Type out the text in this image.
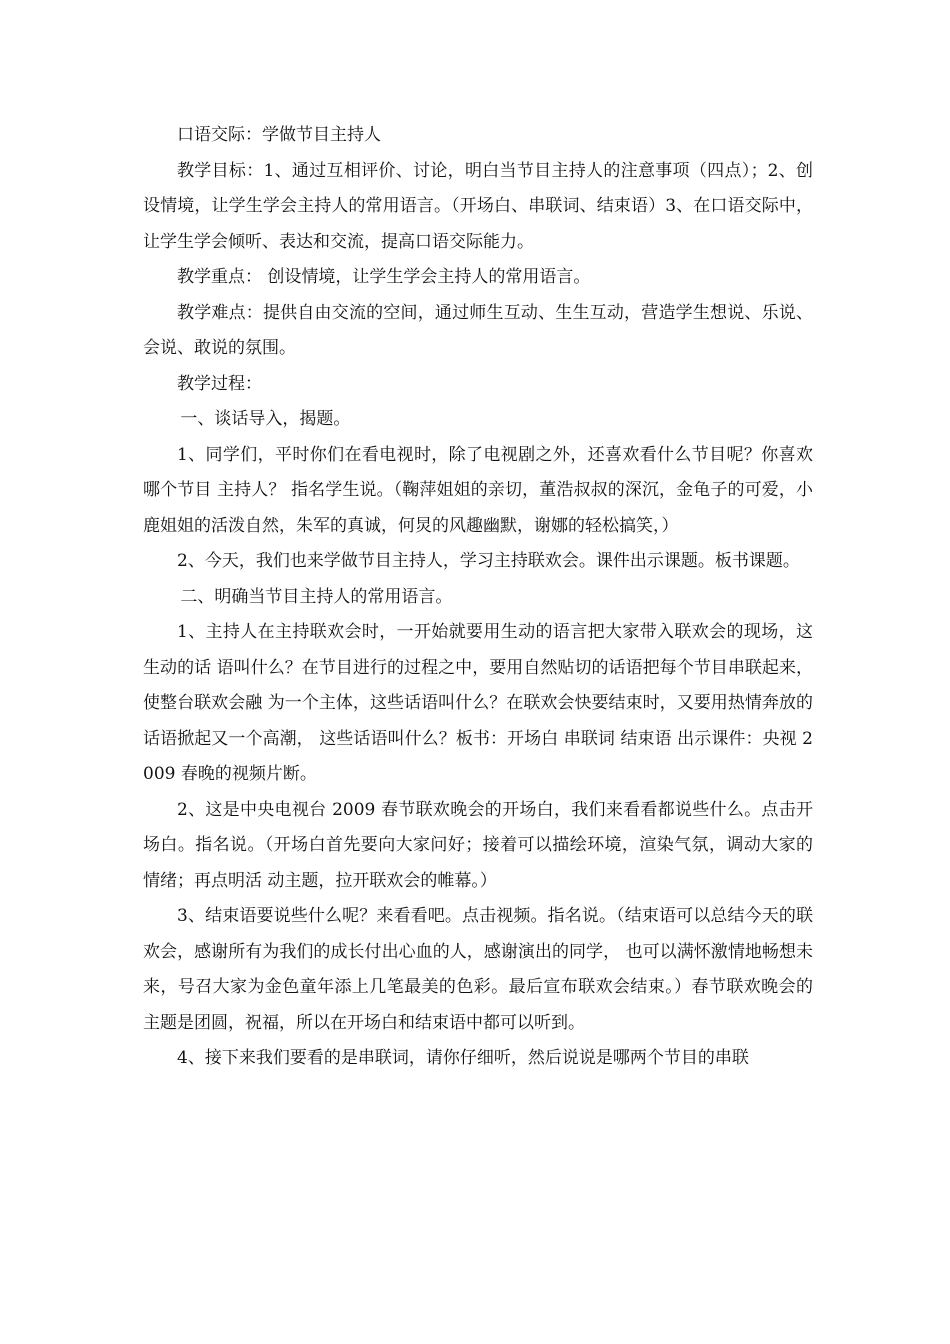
口语交际：学做节目主持人

教学目标：1、通过互相评价、讨论，明白当节目主持人的注意事项（四点）；2、创设情境，让学生学会主持人的常用语言。（开场白、串联词、结束语）3、在口语交际中，让学生学会倾听、表达和交流，提高口语交际能力。

教学重点： 创设情境，让学生学会主持人的常用语言。

教学难点：提供自由交流的空间，通过师生互动、生生互动，营造学生想说、乐说、会说、敢说的氛围。

教学过程：

一、谈话导入，揭题。

1、同学们，平时你们在看电视时，除了电视剧之外，还喜欢看什么节目呢？你喜欢哪个节目 主持人？ 指名学生说。（鞠萍姐姐的亲切，董浩叔叔的深沉，金龟子的可爱，小鹿姐姐的活泼自然，朱军的真诚，何炅的风趣幽默，谢娜的轻松搞笑，）

2、今天，我们也来学做节目主持人，学习主持联欢会。课件出示课题。板书课题。

二、明确当节目主持人的常用语言。

1、主持人在主持联欢会时，一开始就要用生动的语言把大家带入联欢会的现场，这生动的话 语叫什么？在节目进行的过程之中，要用自然贴切的话语把每个节目串联起来，使整台联欢会融 为一个主体，这些话语叫什么？在联欢会快要结束时，又要用热情奔放的话语掀起又一个高潮， 这些话语叫什么？板书：开场白 串联词 结束语 出示课件：央视 2009 春晚的视频片断。

2、这是中央电视台 2009 春节联欢晚会的开场白，我们来看看都说些什么。点击开场白。指名说。（开场白首先要向大家问好；接着可以描绘环境，渲染气氛，调动大家的情绪；再点明活 动主题，拉开联欢会的帷幕。）

3、结束语要说些什么呢？来看看吧。点击视频。指名说。（结束语可以总结今天的联欢会，感谢所有为我们的成长付出心血的人，感谢演出的同学， 也可以满怀激情地畅想未来，号召大家为金色童年添上几笔最美的色彩。最后宣布联欢会结束。）春节联欢晚会的主题是团圆，祝福，所以在开场白和结束语中都可以听到。

4、接下来我们要看的是串联词，请你仔细听，然后说说是哪两个节目的串联
